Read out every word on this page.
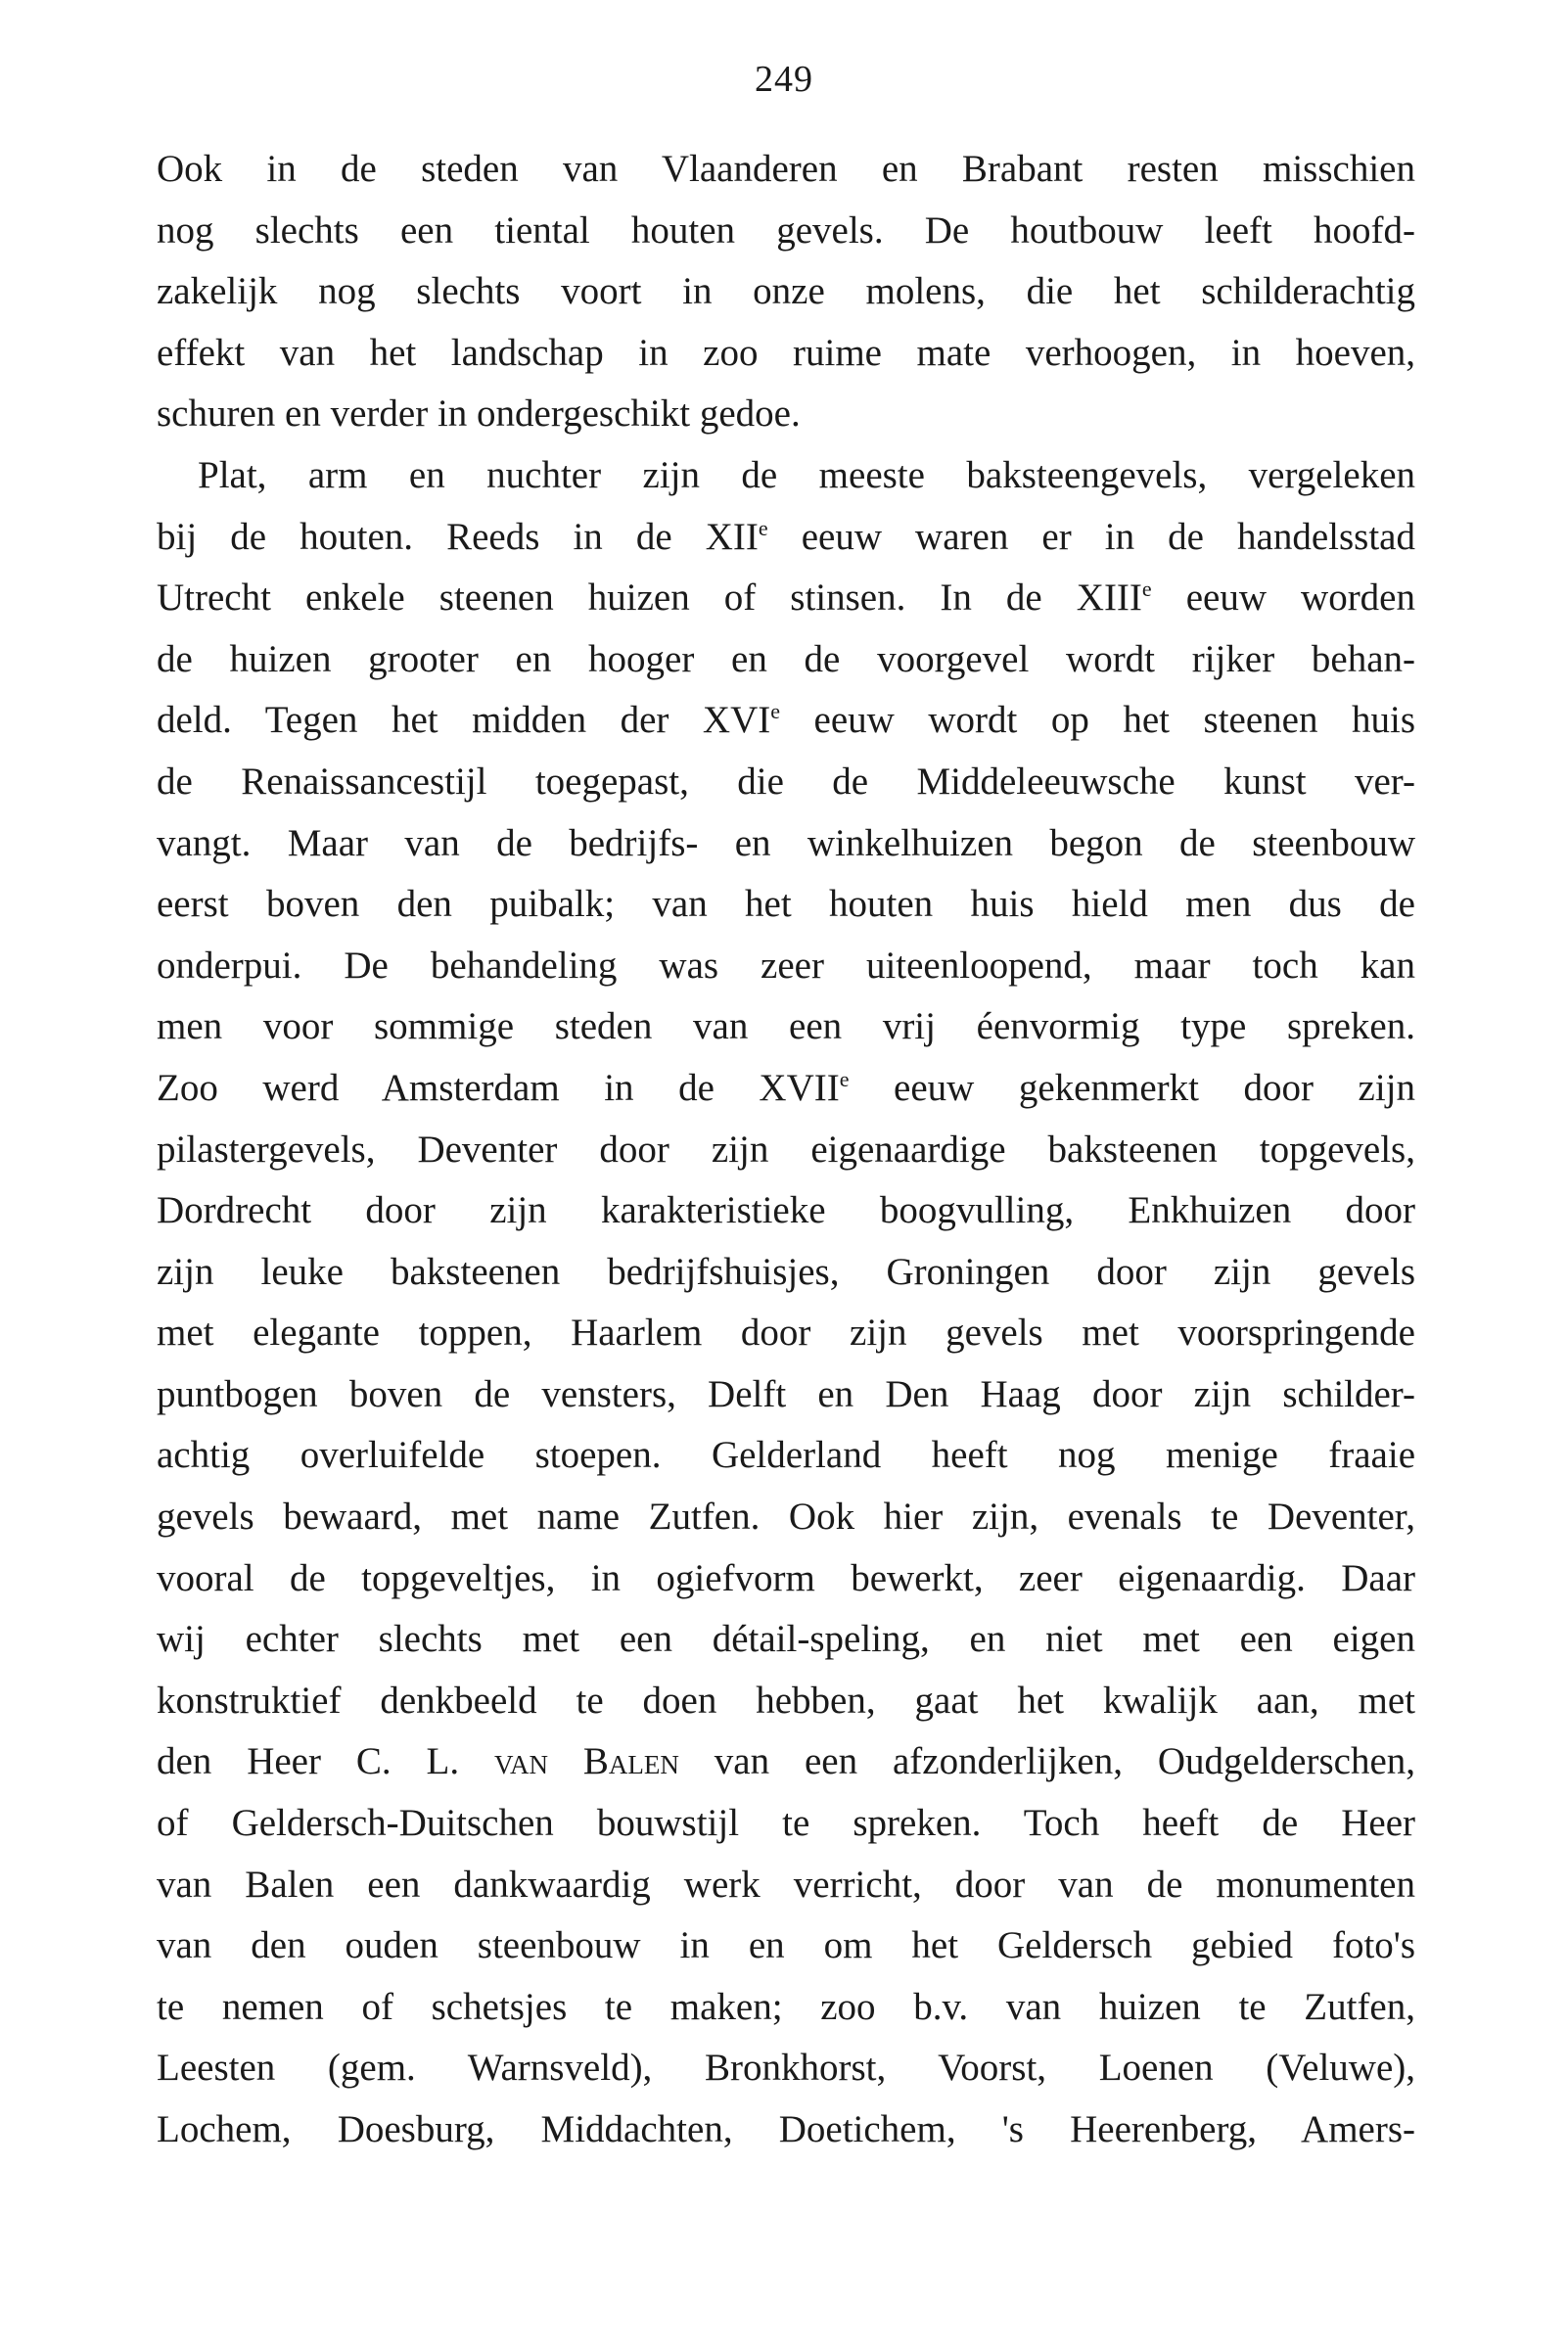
249
Ook in de steden van Vlaanderen en Brabant resten misschien
nog slechts een tiental houten gevels. De houtbouw leeft hoofd-
zakelijk nog slechts voort in onze molens, die het schilderachtig
effekt van het landschap in zoo ruime mate verhoogen, in hoeven,
schuren en verder in ondergeschikt gedoe.
Plat, arm en nuchter zijn de meeste baksteengevels, vergeleken
bij de houten. Reeds in de XIIe eeuw waren er in de handelsstad
Utrecht enkele steenen huizen of stinsen. In de XIIIe eeuw worden
de huizen grooter en hooger en de voorgevel wordt rijker behan-
deld. Tegen het midden der XVIe eeuw wordt op het steenen huis
de Renaissancestijl toegepast, die de Middeleeuwsche kunst ver-
vangt. Maar van de bedrijfs- en winkelhuizen begon de steenbouw
eerst boven den puibalk; van het houten huis hield men dus de
onderpui. De behandeling was zeer uiteenloopend, maar toch kan
men voor sommige steden van een vrij éenvormig type spreken.
Zoo werd Amsterdam in de XVIIe eeuw gekenmerkt door zijn
pilastergevels, Deventer door zijn eigenaardige baksteenen topgevels,
Dordrecht door zijn karakteristieke boogvulling, Enkhuizen door
zijn leuke baksteenen bedrijfshuisjes, Groningen door zijn gevels
met elegante toppen, Haarlem door zijn gevels met voorspringende
puntbogen boven de vensters, Delft en Den Haag door zijn schilder-
achtig overluifelde stoepen. Gelderland heeft nog menige fraaie
gevels bewaard, met name Zutfen. Ook hier zijn, evenals te Deventer,
vooral de topgeveltjes, in ogiefvorm bewerkt, zeer eigenaardig. Daar
wij echter slechts met een détail-speling, en niet met een eigen
konstruktief denkbeeld te doen hebben, gaat het kwalijk aan, met
den Heer C. L. van Balen van een afzonderlijken, Oudgelderschen,
of Geldersch-Duitschen bouwstijl te spreken. Toch heeft de Heer
van Balen een dankwaardig werk verricht, door van de monumenten
van den ouden steenbouw in en om het Geldersch gebied foto's
te nemen of schetsjes te maken; zoo b.v. van huizen te Zutfen,
Leesten (gem. Warnsveld), Bronkhorst, Voorst, Loenen (Veluwe),
Lochem, Doesburg, Middachten, Doetichem, 's Heerenberg, Amers-
